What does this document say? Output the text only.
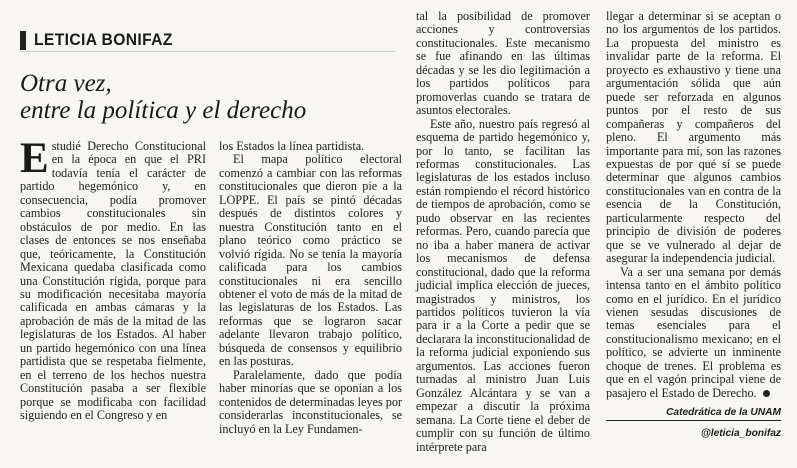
LETICIA BONIFAZ
Otra vez,
entre la política y el derecho

Estudié Derecho Constitucional en la época en que el PRI todavía tenía el carácter de partido hegemónico y, en consecuencia, podía promover cambios constitucionales sin obstáculos de por medio. En las clases de entonces se nos enseñaba que, teóricamente, la Constitución Mexicana quedaba clasificada como una Constitución rígida, porque para su modificación necesitaba mayoría calificada en ambas cámaras y la aprobación de más de la mitad de las legislaturas de los Estados. Al haber un partido hegemónico con una línea partidista que se respetaba fielmente, en el terreno de los hechos nuestra Constitución pasaba a ser flexible porque se modificaba con facilidad siguiendo en el Congreso y en

los Estados la línea partidista.

El mapa político electoral comenzó a cambiar con las reformas constitucionales que dieron pie a la LOPPE. El país se pintó décadas después de distintos colores y nuestra Constitución tanto en el plano teórico como práctico se volvió rígida. No se tenía la mayoría calificada para los cambios constitucionales ni era sencillo obtener el voto de más de la mitad de las legislaturas de los Estados. Las reformas que se lograron sacar adelante llevaron trabajo político, búsqueda de consensos y equilibrio en las posturas.

Paralelamente, dado que podía haber minorías que se oponían a los contenidos de determinadas leyes por considerarlas inconstitucionales, se incluyó en la Ley Fundamen-

tal la posibilidad de promover acciones y controversias constitucionales. Este mecanismo se fue afinando en las últimas décadas y se les dio legitimación a los partidos políticos para promoverlas cuando se tratara de asuntos electorales.

Este año, nuestro país regresó al esquema de partido hegemónico y, por lo tanto, se facilitan las reformas constitucionales. Las legislaturas de los estados incluso están rompiendo el récord histórico de tiempos de aprobación, como se pudo observar en las recientes reformas. Pero, cuando parecía que no iba a haber manera de activar los mecanismos de defensa constitucional, dado que la reforma judicial implica elección de jueces, magistrados y ministros, los partidos políticos tuvieron la vía para ir a la Corte a pedir que se declarara la inconstitucionalidad de la reforma judicial exponiendo sus argumentos. Las acciones fueron turnadas al ministro Juan Luis González Alcántara y se van a empezar a discutir la próxima semana. La Corte tiene el deber de cumplir con su función de último intérprete para

llegar a determinar si se aceptan o no los argumentos de los partidos. La propuesta del ministro es invalidar parte de la reforma. El proyecto es exhaustivo y tiene una argumentación sólida que aún puede ser reforzada en algunos puntos por el resto de sus compañeras y compañeros del pleno. El argumento más importante para mí, son las razones expuestas de por qué sí se puede determinar que algunos cambios constitucionales van en contra de la esencia de la Constitución, particularmente respecto del principio de división de poderes que se ve vulnerado al dejar de asegurar la independencia judicial.

Va a ser una semana por demás intensa tanto en el ámbito político como en el jurídico. En el jurídico vienen sesudas discusiones de temas esenciales para el constitucionalismo mexicano; en el político, se advierte un inminente choque de trenes. El problema es que en el vagón principal viene de pasajero el Estado de Derecho.

Catedrática de la UNAM
@leticia_bonifaz
